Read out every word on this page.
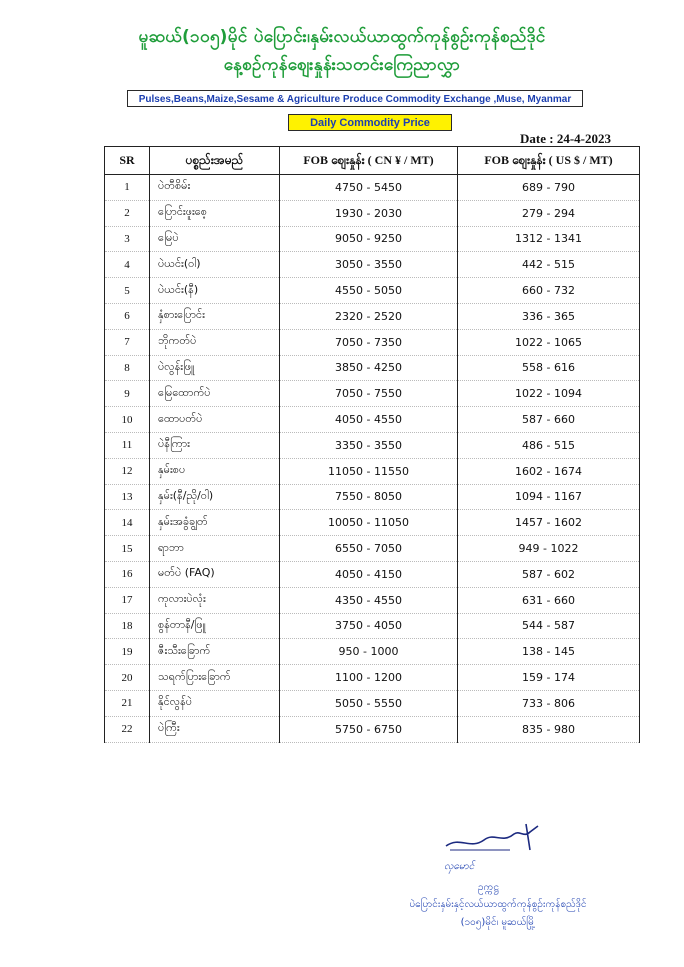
မူဆယ်(၁၀၅)မိုင် ပဲပြောင်း၊နှမ်းလယ်ယာထွက်ကုန်စွဉ်းကုန်စည်ဒိုင်
နေ့စဉ်ကုန်စျေးနှုန်းသတင်းကြေညာလွှာ
Pulses,Beans,Maize,Sesame & Agriculture Produce Commodity Exchange ,Muse, Myanmar
Daily Commodity Price
Date : 24-4-2023
SR	ပစ္စည်းအမည်	FOB စျေးနှုန်း ( CN ¥ / MT)	FOB စျေးနှုန်း ( US $ / MT)
1	ပဲတီစိမ်း	4750 - 5450	689 - 790
2	ပြောင်းဖူးစေ့	1930 - 2030	279 - 294
3	မြေပဲ	9050 - 9250	1312 - 1341
4	ပဲယင်း(ဝါ)	3050 - 3550	442 - 515
5	ပဲယင်း(နီ)	4550 - 5050	660 - 732
6	နှံစားပြောင်း	2320 - 2520	336 - 365
7	ဘိုကတ်ပဲ	7050 - 7350	1022 - 1065
8	ပဲလွန်းဖြူ	3850 - 4250	558 - 616
9	မြေထောက်ပဲ	7050 - 7550	1022 - 1094
10	ထောပတ်ပဲ	4050 - 4550	587 - 660
11	ပဲနီကြား	3350 - 3550	486 - 515
12	နှမ်းစပ	11050 - 11550	1602 - 1674
13	နှမ်း(နီ/ညို/ဝါ)	7550 - 8050	1094 - 1167
14	နှမ်းအခွံချွတ်	10050 - 11050	1457 - 1602
15	ရာဘာ	6550 - 7050	949 - 1022
16	မတ်ပဲ (FAQ)	4050 - 4150	587 - 602
17	ကုလားပဲလုံး	4350 - 4550	631 - 660
18	စွန်တာနီ/ဖြူ	3750 - 4050	544 - 587
19	ဇီးသီးခြောက်	950 - 1000	138 - 145
20	သရက်ပြားခြောက်	1100 - 1200	159 - 174
21	နိုင်လွန်ပဲ	5050 - 5550	733 - 806
22	ပဲကြီး	5750 - 6750	835 - 980
လှမောင်
ဥက္ကဋ္ဌ
ပဲပြောင်းနှမ်းနှင့်လယ်ယာထွက်ကုန်စွဉ်းကုန်စည်ဒိုင်
(၁၀၅)မိုင်၊ မူဆယ်မြို့
